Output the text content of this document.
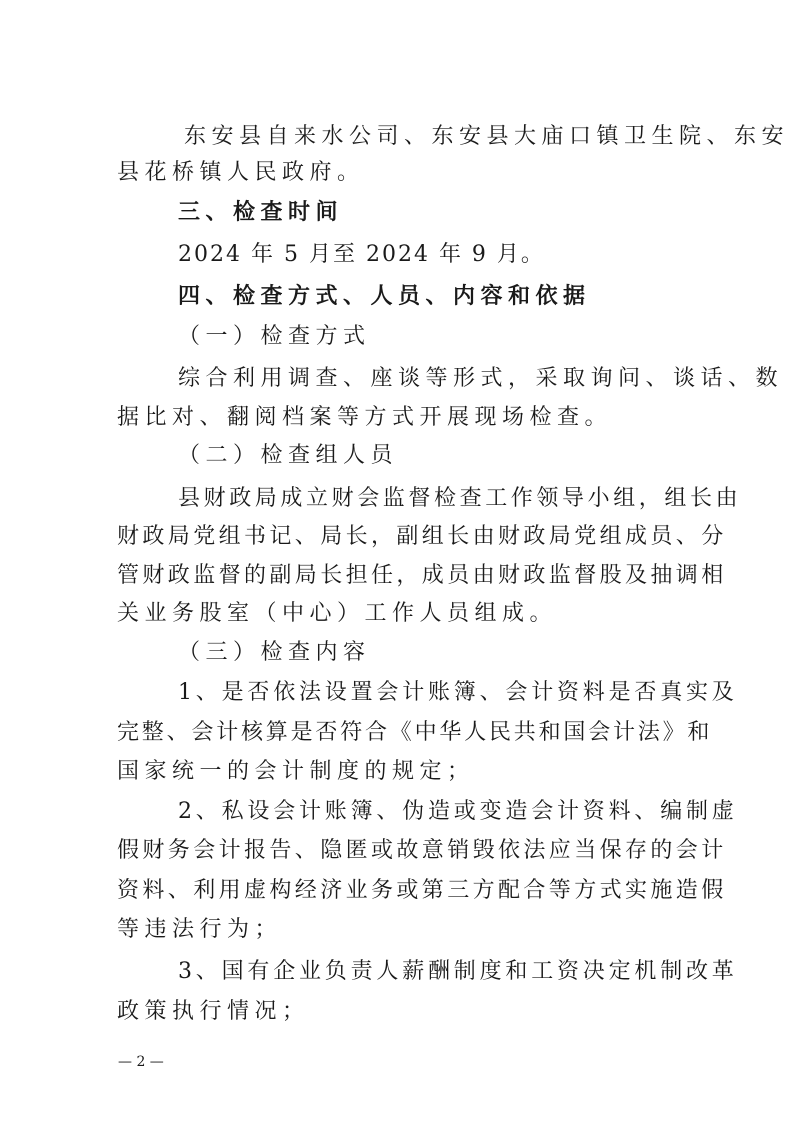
东安县自来水公司、东安县大庙口镇卫生院、东安
县花桥镇人民政府。
三、检查时间
2024 年 5 月至 2024 年 9 月。
四、检查方式、人员、内容和依据
（一）检查方式
综合利用调查、座谈等形式，采取询问、谈话、数
据比对、翻阅档案等方式开展现场检查。
（二）检查组人员
县财政局成立财会监督检查工作领导小组，组长由
财政局党组书记、局长，副组长由财政局党组成员、分
管财政监督的副局长担任，成员由财政监督股及抽调相
关业务股室（中心）工作人员组成。
（三）检查内容
1、是否依法设置会计账簿、会计资料是否真实及
完整、会计核算是否符合《中华人民共和国会计法》和
国家统一的会计制度的规定；
2、私设会计账簿、伪造或变造会计资料、编制虚
假财务会计报告、隐匿或故意销毁依法应当保存的会计
资料、利用虚构经济业务或第三方配合等方式实施造假
等违法行为；
3、国有企业负责人薪酬制度和工资决定机制改革
政策执行情况；
— 2 —
